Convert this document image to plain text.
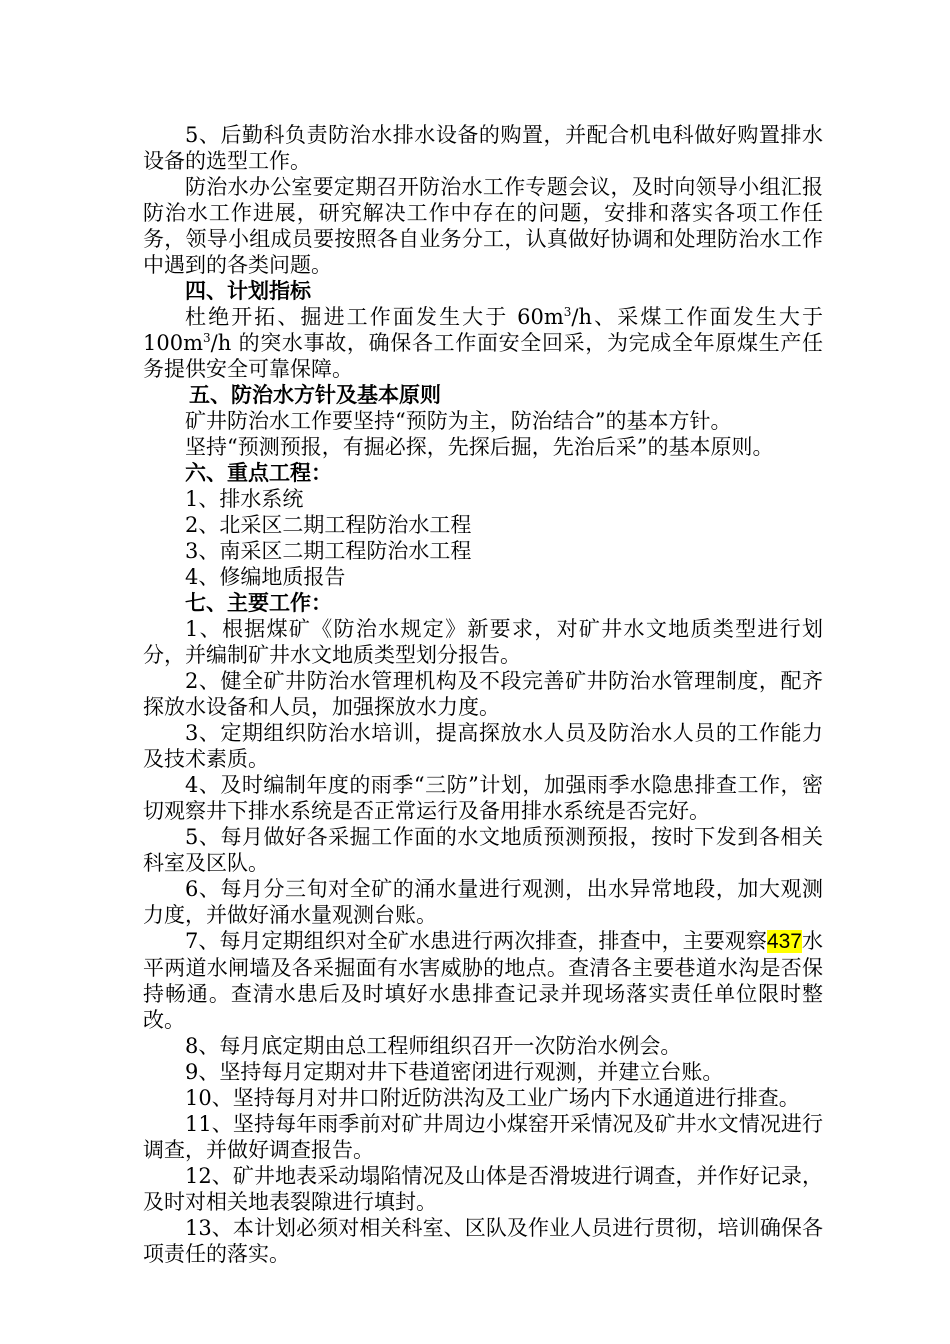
5、后勤科负责防治水排水设备的购置，并配合机电科做好购置排水设备的选型工作。

防治水办公室要定期召开防治水工作专题会议，及时向领导小组汇报防治水工作进展，研究解决工作中存在的问题，安排和落实各项工作任务，领导小组成员要按照各自业务分工，认真做好协调和处理防治水工作中遇到的各类问题。

四、计划指标

杜绝开拓、掘进工作面发生大于 $60m^3/h$、采煤工作面发生大于 $100m^3/h$ 的突水事故，确保各工作面安全回采，为完成全年原煤生产任务提供安全可靠保障。

五、防治水方针及基本原则

矿井防治水工作要坚持“预防为主，防治结合”的基本方针。

坚持“预测预报，有掘必探，先探后掘，先治后采”的基本原则。

六、重点工程：

1、排水系统

2、北采区二期工程防治水工程

3、南采区二期工程防治水工程

4、修编地质报告

七、主要工作：

1、根据煤矿《防治水规定》新要求，对矿井水文地质类型进行划分，并编制矿井水文地质类型划分报告。

2、健全矿井防治水管理机构及不段完善矿井防治水管理制度，配齐探放水设备和人员，加强探放水力度。

3、定期组织防治水培训，提高探放水人员及防治水人员的工作能力及技术素质。

4、及时编制年度的雨季“三防”计划，加强雨季水隐患排查工作，密切观察井下排水系统是否正常运行及备用排水系统是否完好。

5、每月做好各采掘工作面的水文地质预测预报，按时下发到各相关科室及区队。

6、每月分三旬对全矿的涌水量进行观测，出水异常地段，加大观测力度，并做好涌水量观测台账。

7、每月定期组织对全矿水患进行两次排查，排查中，主要观察437水平两道水闸墙及各采掘面有水害威胁的地点。查清各主要巷道水沟是否保持畅通。查清水患后及时填好水患排查记录并现场落实责任单位限时整改。

8、每月底定期由总工程师组织召开一次防治水例会。

9、坚持每月定期对井下巷道密闭进行观测，并建立台账。

10、坚持每月对井口附近防洪沟及工业广场内下水通道进行排查。

11、坚持每年雨季前对矿井周边小煤窑开采情况及矿井水文情况进行调查，并做好调查报告。

12、矿井地表采动塌陷情况及山体是否滑坡进行调查，并作好记录，及时对相关地表裂隙进行填封。

13、本计划必须对相关科室、区队及作业人员进行贯彻，培训确保各项责任的落实。
